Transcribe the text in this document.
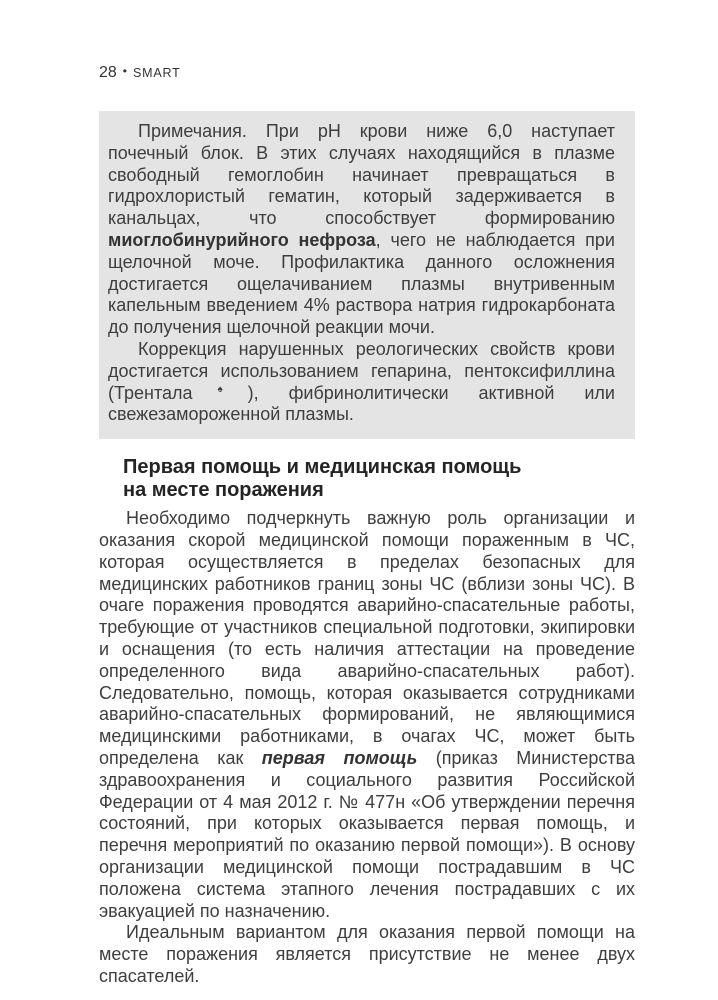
28 • SMART

Примечания. При pH крови ниже 6,0 наступает почечный блок. В этих случаях находящийся в плазме свободный гемоглобин начинает превращаться в гидрохлористый гематин, который задерживается в канальцах, что способствует формированию миоглобинурийного нефроза, чего не наблюдается при щелочной моче. Профилактика данного осложнения достигается ощелачиванием плазмы внутривенным капельным введением 4% раствора натрия гидрокарбоната до получения щелочной реакции мочи.

Коррекция нарушенных реологических свойств крови достигается использованием гепарина, пентоксифиллина (Трентала♠), фибринолитически активной или свежезамороженной плазмы.

Первая помощь и медицинская помощь
на месте поражения

Необходимо подчеркнуть важную роль организации и оказания скорой медицинской помощи пораженным в ЧС, которая осуществляется в пределах безопасных для медицинских работников границ зоны ЧС (вблизи зоны ЧС). В очаге поражения проводятся аварийно-спасательные работы, требующие от участников специальной подготовки, экипировки и оснащения (то есть наличия аттестации на проведение определенного вида аварийно-спасательных работ). Следовательно, помощь, которая оказывается сотрудниками аварийно-спасательных формирований, не являющимися медицинскими работниками, в очагах ЧС, может быть определена как первая помощь (приказ Министерства здравоохранения и социального развития Российской Федерации от 4 мая 2012 г. № 477н «Об утверждении перечня состояний, при которых оказывается первая помощь, и перечня мероприятий по оказанию первой помощи»). В основу организации медицинской помощи пострадавшим в ЧС положена система этапного лечения пострадавших с их эвакуацией по назначению.

Идеальным вариантом для оказания первой помощи на месте поражения является присутствие не менее двух спасателей.
